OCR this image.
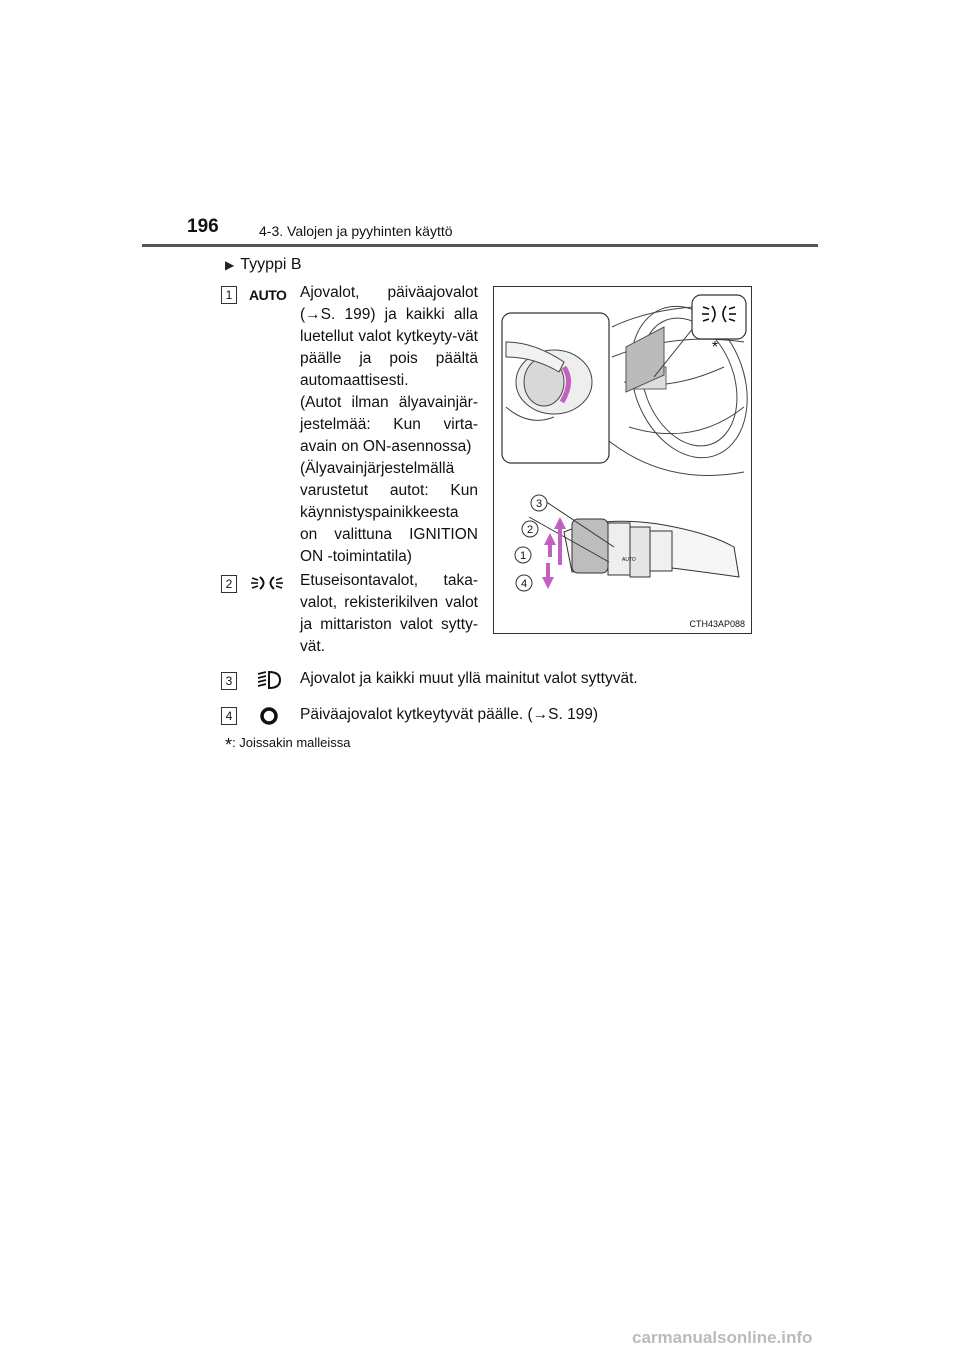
196	4-3. Valojen ja pyyhinten käyttö
▶ Tyyppi B
1	AUTO Ajovalot, päiväajovalot (→S. 199) ja kaikki alla luetellut valot kytkeyty-vät päälle ja pois päältä automaattisesti.

(Autot ilman älyavainjär-jestelmää: Kun virta-avain on ON-asennossa)

(Älyavainjärjestelmällä varustetut autot: Kun käynnistyspainikkeesta on valittuna IGNITION ON -toimintatila)

2	Etuseisontavalot, taka-valot, rekisterikilven valot ja mittariston valot sytty-vät.
3	Ajovalot ja kaikki muut yllä mainitut valot syttyvät.
4	Päiväajovalot kytkeytyvät päälle. (→S. 199)
AUTO
3
2
1
4
*
CTH43AP088
*: Joissakin malleissa
carmanualsonline.info
